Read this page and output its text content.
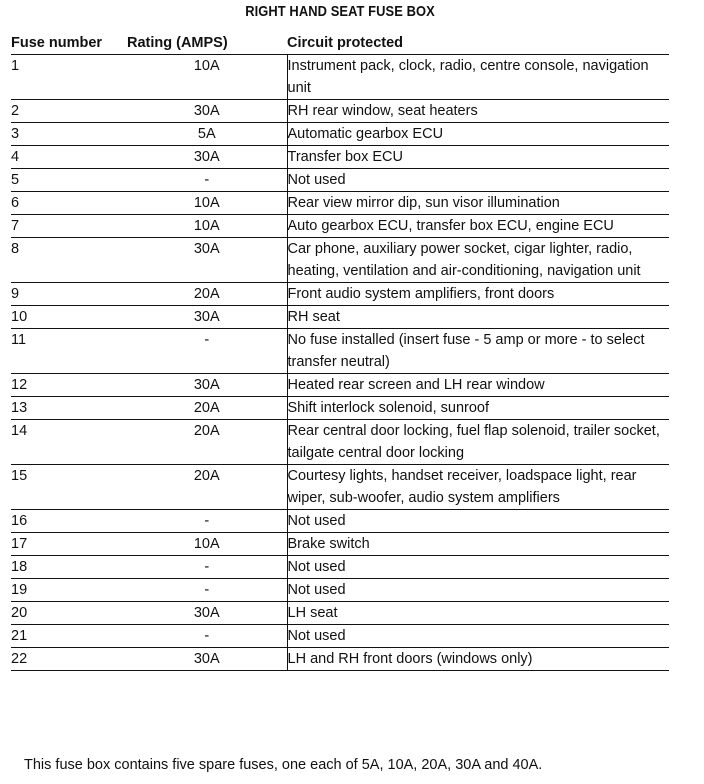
RIGHT HAND SEAT FUSE BOX
Fuse number	Rating (AMPS)	Circuit protected
1	10A	Instrument pack, clock, radio, centre console, navigation unit
2	30A	RH rear window, seat heaters
3	5A	Automatic gearbox ECU
4	30A	Transfer box ECU
5	-	Not used
6	10A	Rear view mirror dip, sun visor illumination
7	10A	Auto gearbox ECU, transfer box ECU, engine ECU
8	30A	Car phone, auxiliary power socket, cigar lighter, radio, heating, ventilation and air-conditioning, navigation unit
9	20A	Front audio system amplifiers, front doors
10	30A	RH seat
11	-	No fuse installed (insert fuse - 5 amp or more - to select transfer neutral)
12	30A	Heated rear screen and LH rear window
13	20A	Shift interlock solenoid, sunroof
14	20A	Rear central door locking, fuel flap solenoid, trailer socket, tailgate central door locking
15	20A	Courtesy lights, handset receiver, loadspace light, rear wiper, sub-woofer, audio system amplifiers
16	-	Not used
17	10A	Brake switch
18	-	Not used
19	-	Not used
20	30A	LH seat
21	-	Not used
22	30A	LH and RH front doors (windows only)
This fuse box contains five spare fuses, one each of 5A, 10A, 20A, 30A and 40A.
